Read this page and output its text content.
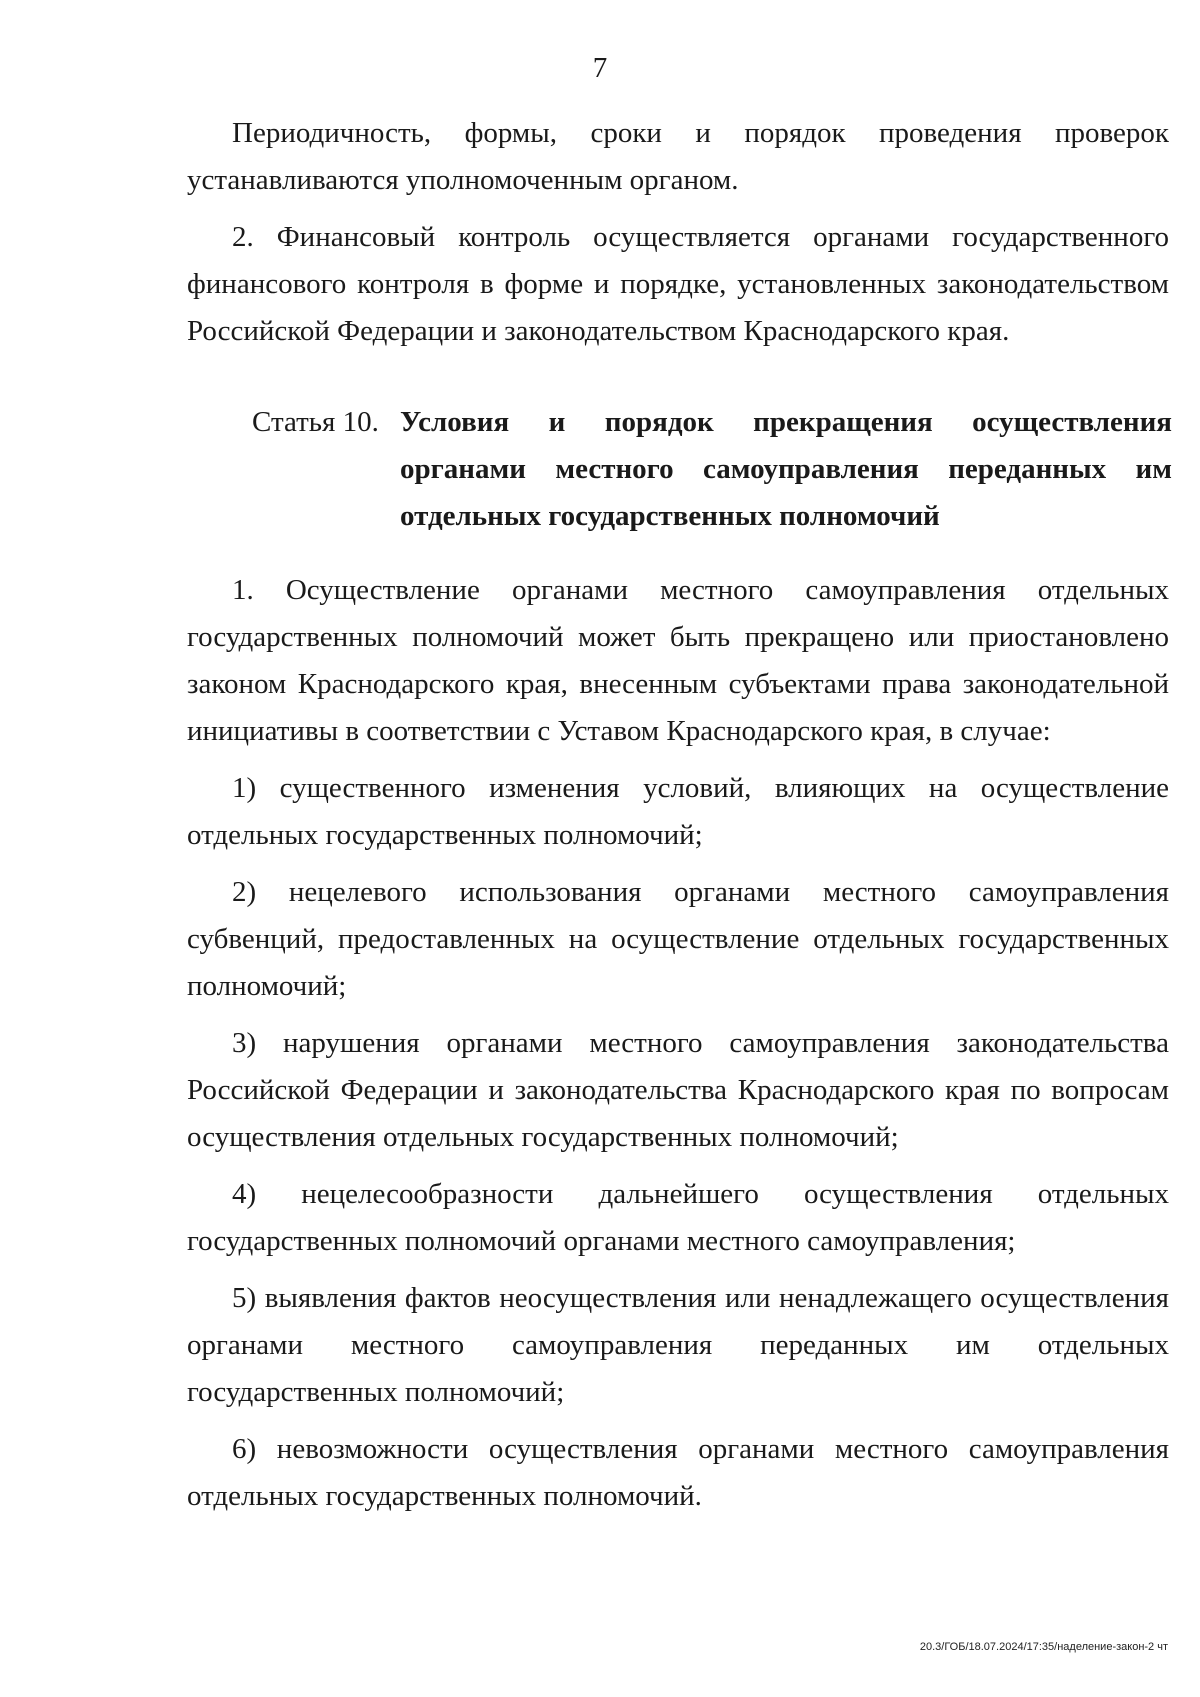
7

Периодичность, формы, сроки и порядок проведения проверок устанавливаются уполномоченным органом.

2. Финансовый контроль осуществляется органами государственного финансового контроля в форме и порядке, установленных законодательством Российской Федерации и законодательством Краснодарского края.

Статья 10. Условия и порядок прекращения осуществления органами местного самоуправления переданных им отдельных государственных полномочий

1. Осуществление органами местного самоуправления отдельных государственных полномочий может быть прекращено или приостановлено законом Краснодарского края, внесенным субъектами права законодательной инициативы в соответствии с Уставом Краснодарского края, в случае:

1) существенного изменения условий, влияющих на осуществление отдельных государственных полномочий;

2) нецелевого использования органами местного самоуправления субвенций, предоставленных на осуществление отдельных государственных полномочий;

3) нарушения органами местного самоуправления законодательства Российской Федерации и законодательства Краснодарского края по вопросам осуществления отдельных государственных полномочий;

4) нецелесообразности дальнейшего осуществления отдельных государственных полномочий органами местного самоуправления;

5) выявления фактов неосуществления или ненадлежащего осуществления органами местного самоуправления переданных им отдельных государственных полномочий;

6) невозможности осуществления органами местного самоуправления отдельных государственных полномочий.

20.3/ГОБ/18.07.2024/17:35/наделение-закон-2 чт
